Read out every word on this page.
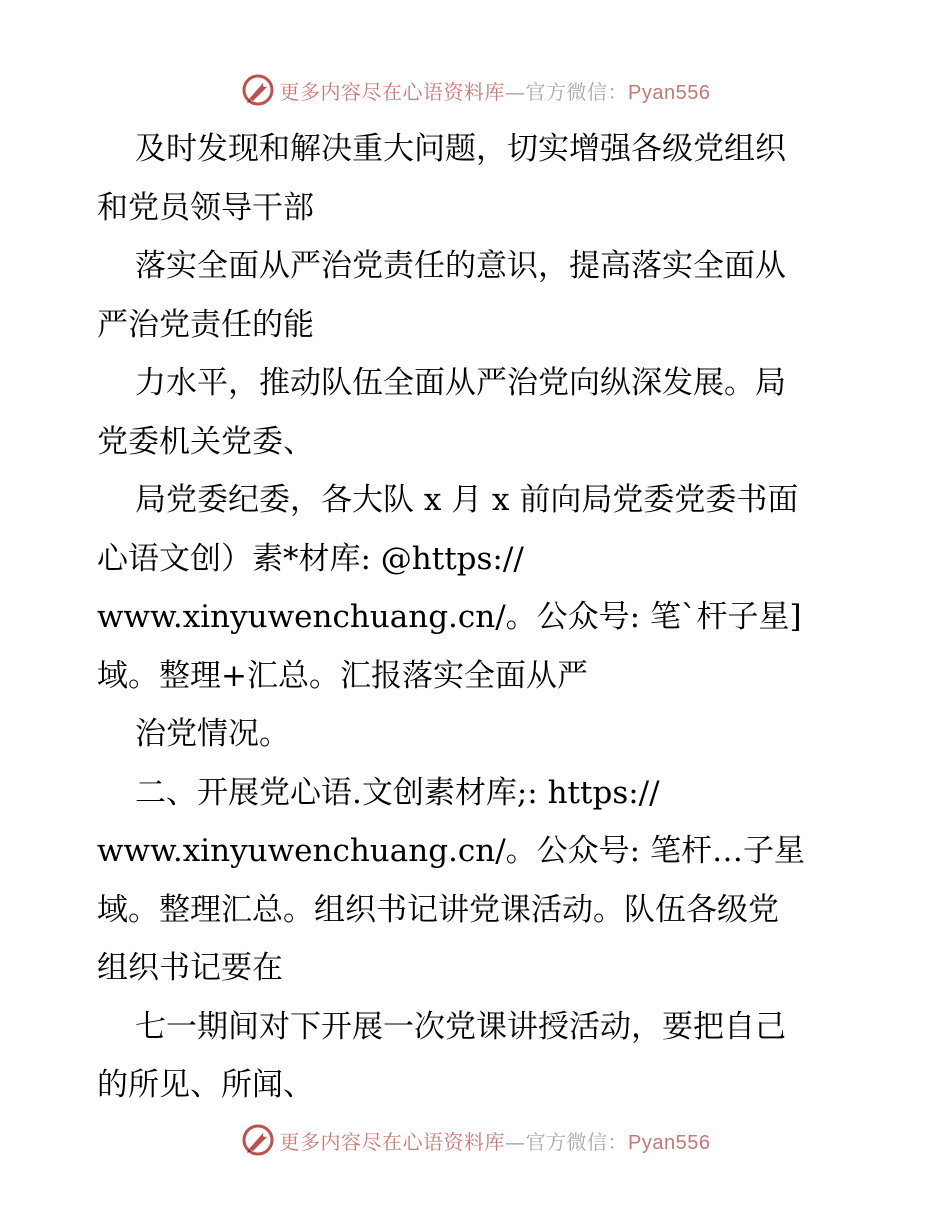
更多内容尽在心语资料库—官方微信：Pyan556
及时发现和解决重大问题，切实增强各级党组织
和党员领导干部
落实全面从严治党责任的意识，提高落实全面从
严治党责任的能
力水平，推动队伍全面从严治党向纵深发展。局
党委机关党委、
局党委纪委，各大队 x 月 x 前向局党委党委书面
心语文创）素*材库: @https://
www.xinyuwenchuang.cn/。公众号: 笔`杆子星]
域。整理+汇总。汇报落实全面从严
治党情况。
二、开展党心语.文创素材库;: https://
www.xinyuwenchuang.cn/。公众号: 笔杆…子星
域。整理汇总。组织书记讲党课活动。队伍各级党
组织书记要在
七一期间对下开展一次党课讲授活动，要把自己
的所见、所闻、
更多内容尽在心语资料库—官方微信：Pyan556
